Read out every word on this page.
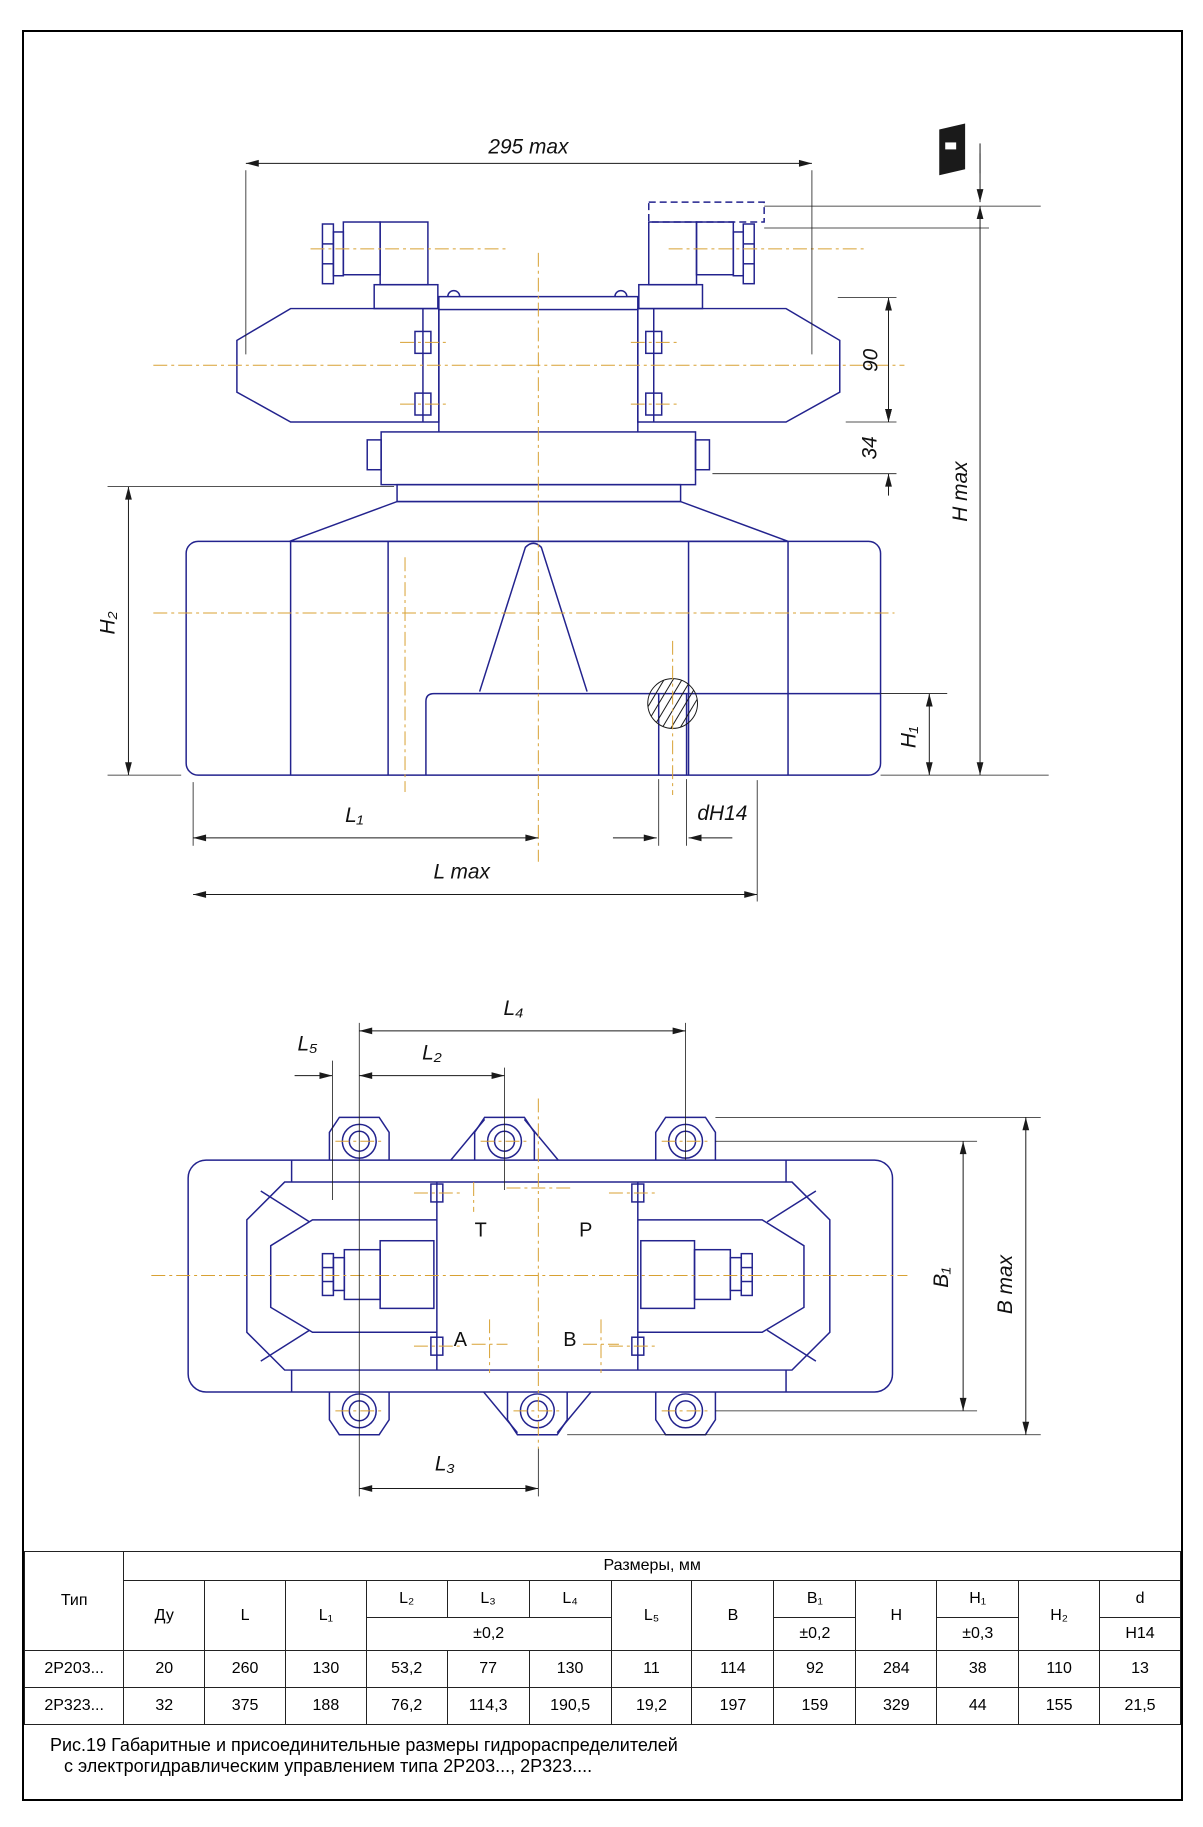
295 max
90
34
H max
H₁
H₂
L₁	dH14
L max
T	P
A	B
L₄
L₂
L₅
L₃
B₁ B max
Тип	Размеры, мм												
	Ду	L	L₁	L₂	L₃	L₄	L₅	B	B₁	H	H₁	H₂	d
				±0,2					±0,2		±0,3		H14
2Р203...	20	260	130	53,2	77	130	11	114	92	284	38	110	13
2Р323...	32	375	188	76,2	114,3	190,5	19,2	197	159	329	44	155	21,5
Рис.19 Габаритные и присоединительные размеры гидрораспределителей
с электрогидравлическим управлением типа 2Р203..., 2Р323....
